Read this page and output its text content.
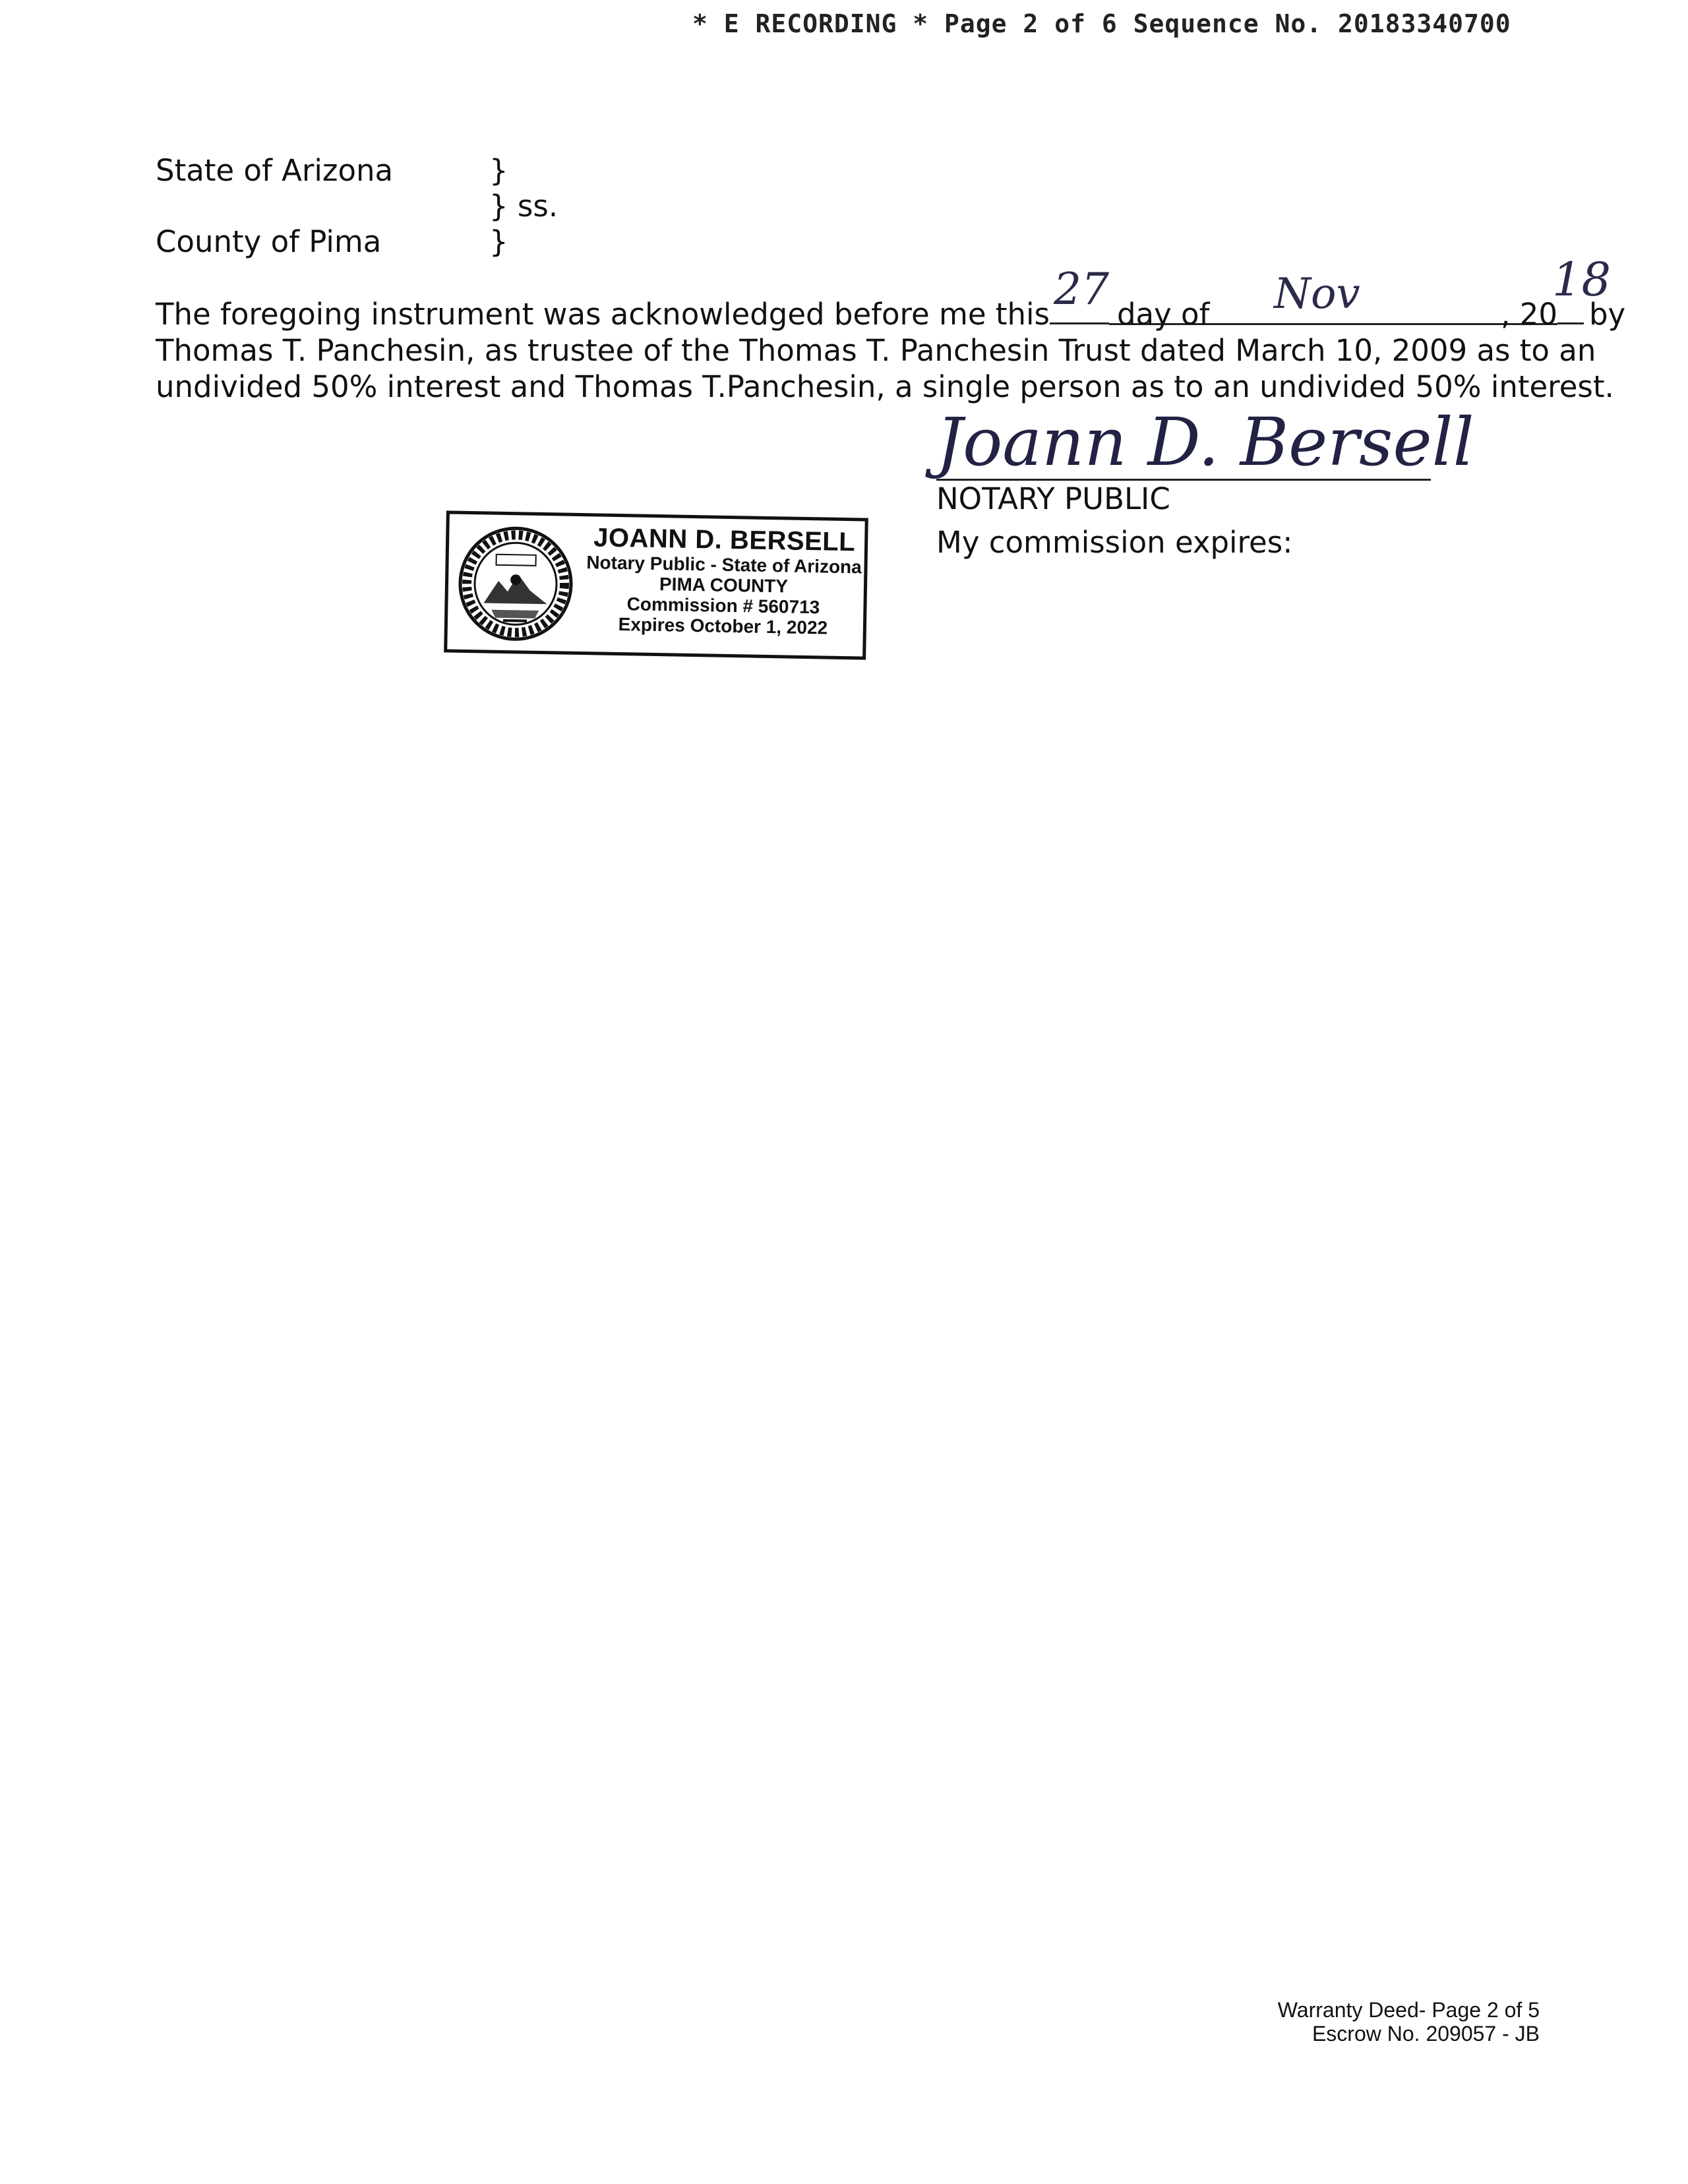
* E RECORDING * Page 2 of 6 Sequence No. 20183340700
State of Arizona	}
} ss.
County of Pima	}
The foregoing instrument was acknowledged before me this 27 day of Nov	, 20
18
by
Thomas T. Panchesin, as trustee of the Thomas T. Panchesin Trust dated March 10, 2009 as to an
undivided 50% interest and Thomas T.Panchesin, a single person as to an undivided 50% interest.
Joann D. Bersell
NOTARY PUBLIC
My commission expires:
JOANN D. BERSELL
Notary Public - State of Arizona
PIMA COUNTY
Commission # 560713
Expires October 1, 2022
Warranty Deed- Page 2 of 5
Escrow No. 209057 - JB
